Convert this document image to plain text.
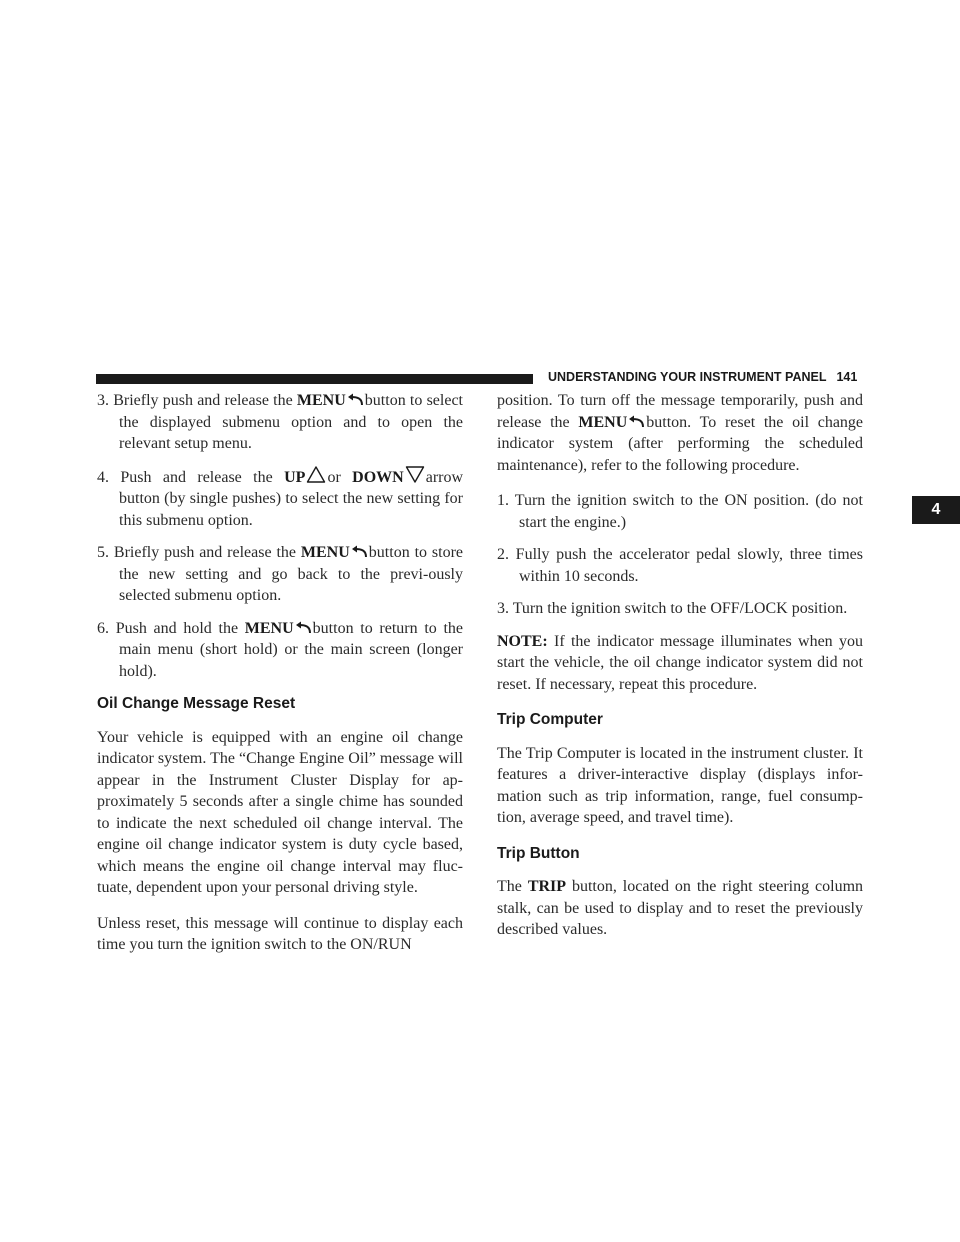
UNDERSTANDING YOUR INSTRUMENT PANEL 141
4
3. Briefly push and release the MENU button to select the displayed submenu option and to open the relevant setup menu.
4. Push and release the UP or DOWN arrow button (by single pushes) to select the new setting for this submenu option.
5. Briefly push and release the MENU button to store the new setting and go back to the previ-ously selected submenu option.
6. Push and hold the MENU button to return to the main menu (short hold) or the main screen (longer hold).
Oil Change Message Reset

Your vehicle is equipped with an engine oil change indicator system. The “Change Engine Oil” message will appear in the Instrument Cluster Display for ap-proximately 5 seconds after a single chime has sounded to indicate the next scheduled oil change interval. The engine oil change indicator system is duty cycle based, which means the engine oil change interval may fluc-tuate, dependent upon your personal driving style.

Unless reset, this message will continue to display each time you turn the ignition switch to the ON/RUN

position. To turn off the message temporarily, push and release the MENU button. To reset the oil change indicator system (after performing the scheduled maintenance), refer to the following procedure.

1. Turn the ignition switch to the ON position. (do not start the engine.)
2. Fully push the accelerator pedal slowly, three times within 10 seconds.
3. Turn the ignition switch to the OFF/LOCK position.

NOTE: If the indicator message illuminates when you start the vehicle, the oil change indicator system did not reset. If necessary, repeat this procedure.

Trip Computer

The Trip Computer is located in the instrument cluster. It features a driver-interactive display (displays infor-mation such as trip information, range, fuel consump-tion, average speed, and travel time).

Trip Button

The TRIP button, located on the right steering column stalk, can be used to display and to reset the previously described values.
